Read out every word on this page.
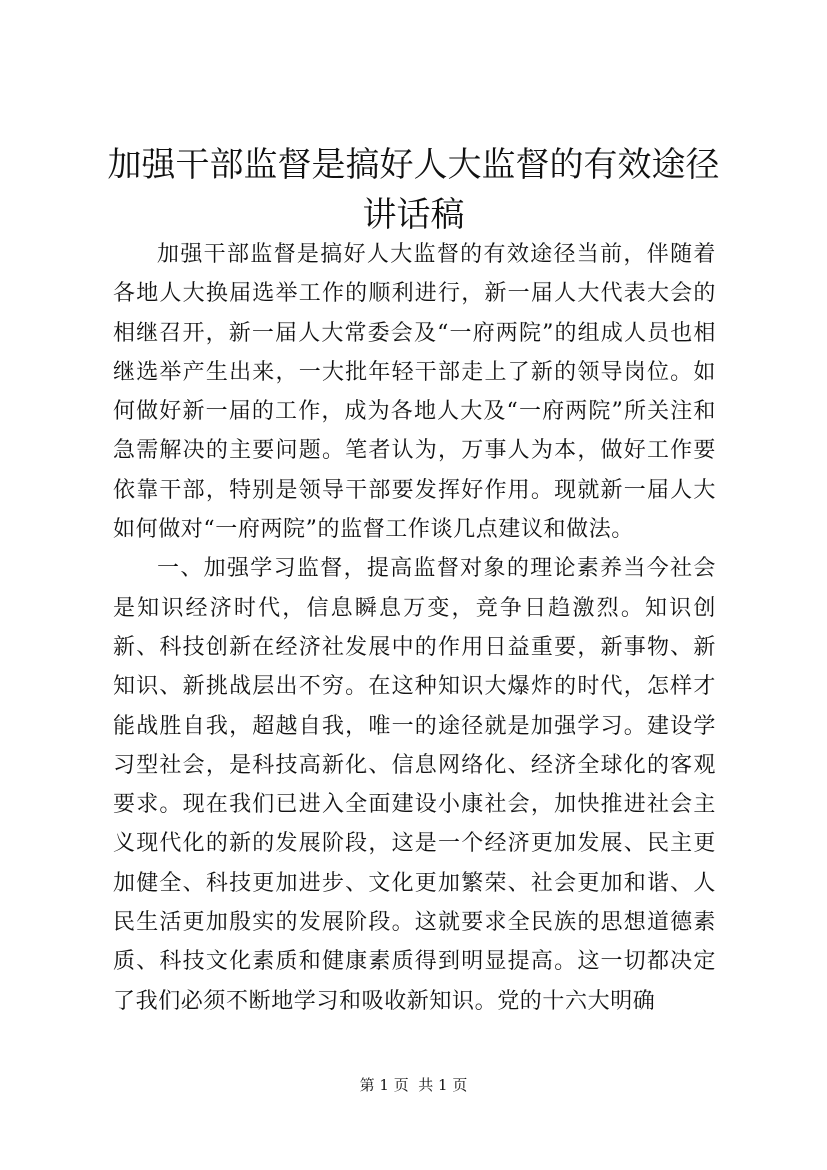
加强干部监督是搞好人大监督的有效途径讲话稿

加强干部监督是搞好人大监督的有效途径当前，伴随着各地人大换届选举工作的顺利进行，新一届人大代表大会的相继召开，新一届人大常委会及“一府两院”的组成人员也相继选举产生出来，一大批年轻干部走上了新的领导岗位。如何做好新一届的工作，成为各地人大及“一府两院”所关注和急需解决的主要问题。笔者认为，万事人为本，做好工作要依靠干部，特别是领导干部要发挥好作用。现就新一届人大如何做对“一府两院”的监督工作谈几点建议和做法。

一、加强学习监督，提高监督对象的理论素养当今社会是知识经济时代，信息瞬息万变，竞争日趋激烈。知识创新、科技创新在经济社发展中的作用日益重要，新事物、新知识、新挑战层出不穷。在这种知识大爆炸的时代，怎样才能战胜自我，超越自我，唯一的途径就是加强学习。建设学习型社会，是科技高新化、信息网络化、经济全球化的客观要求。现在我们已进入全面建设小康社会，加快推进社会主义现代化的新的发展阶段，这是一个经济更加发展、民主更加健全、科技更加进步、文化更加繁荣、社会更加和谐、人民生活更加殷实的发展阶段。这就要求全民族的思想道德素质、科技文化素质和健康素质得到明显提高。这一切都决定了我们必须不断地学习和吸收新知识。党的十六大明确

第 1 页  共 1 页
